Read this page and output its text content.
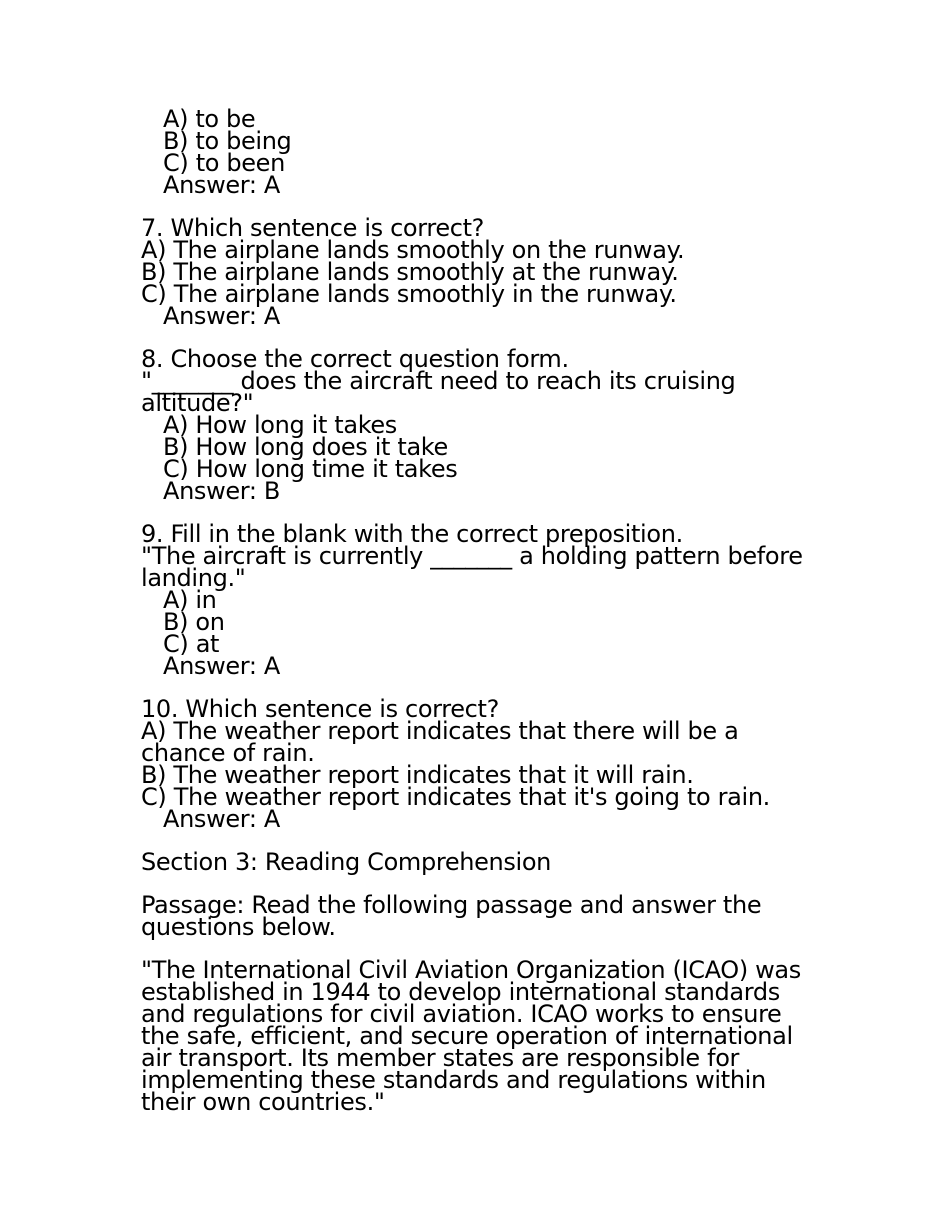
A) to be
B) to being
C) to been
Answer: A
7. Which sentence is correct?
A) The airplane lands smoothly on the runway.
B) The airplane lands smoothly at the runway.
C) The airplane lands smoothly in the runway.
Answer: A
8. Choose the correct question form.
"_______ does the aircraft need to reach its cruising altitude?"
A) How long it takes
B) How long does it take
C) How long time it takes
Answer: B
9. Fill in the blank with the correct preposition.
"The aircraft is currently _______ a holding pattern before landing."
A) in
B) on
C) at
Answer: A
10. Which sentence is correct?
A) The weather report indicates that there will be a chance of rain.
B) The weather report indicates that it will rain.
C) The weather report indicates that it's going to rain.
Answer: A
Section 3: Reading Comprehension
Passage: Read the following passage and answer the questions below.
"The International Civil Aviation Organization (ICAO) was established in 1944 to develop international standards and regulations for civil aviation. ICAO works to ensure the safe, efficient, and secure operation of international air transport. Its member states are responsible for implementing these standards and regulations within their own countries."
